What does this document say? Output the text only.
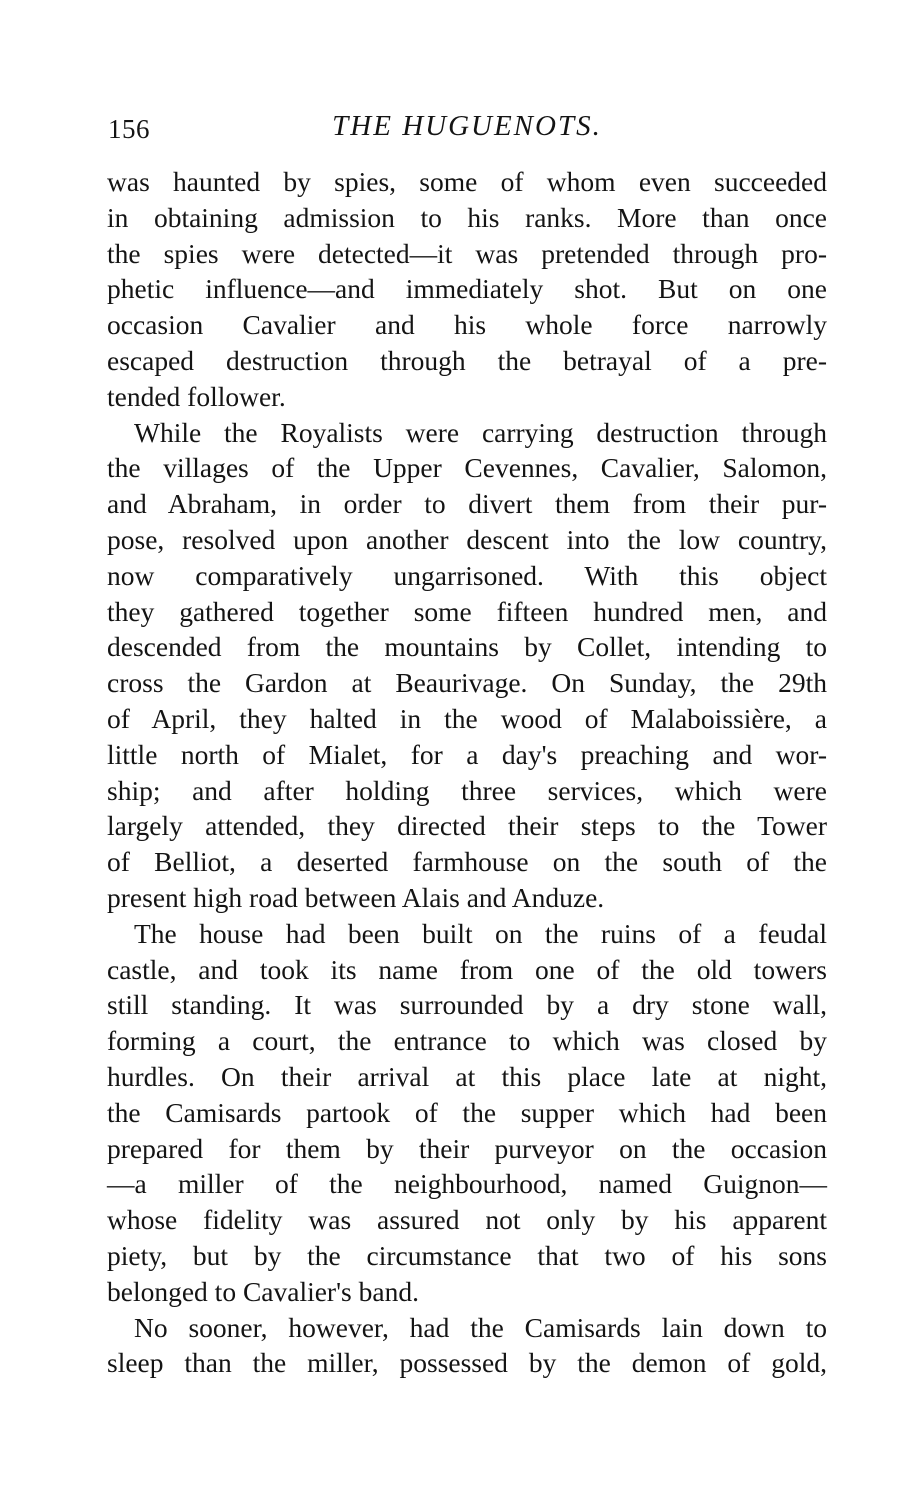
156	THE HUGUENOTS.
was haunted by spies, some of whom even succeeded
in obtaining admission to his ranks. More than once
the spies were detected—it was pretended through pro-
phetic influence—and immediately shot. But on one
occasion Cavalier and his whole force narrowly
escaped destruction through the betrayal of a pre-
tended follower.
While the Royalists were carrying destruction through
the villages of the Upper Cevennes, Cavalier, Salomon,
and Abraham, in order to divert them from their pur-
pose, resolved upon another descent into the low country,
now comparatively ungarrisoned. With this object
they gathered together some fifteen hundred men, and
descended from the mountains by Collet, intending to
cross the Gardon at Beaurivage. On Sunday, the 29th
of April, they halted in the wood of Malaboissière, a
little north of Mialet, for a day's preaching and wor-
ship; and after holding three services, which were
largely attended, they directed their steps to the Tower
of Belliot, a deserted farmhouse on the south of the
present high road between Alais and Anduze.
The house had been built on the ruins of a feudal
castle, and took its name from one of the old towers
still standing. It was surrounded by a dry stone wall,
forming a court, the entrance to which was closed by
hurdles. On their arrival at this place late at night,
the Camisards partook of the supper which had been
prepared for them by their purveyor on the occasion
—a miller of the neighbourhood, named Guignon—
whose fidelity was assured not only by his apparent
piety, but by the circumstance that two of his sons
belonged to Cavalier's band.
No sooner, however, had the Camisards lain down to
sleep than the miller, possessed by the demon of gold,
